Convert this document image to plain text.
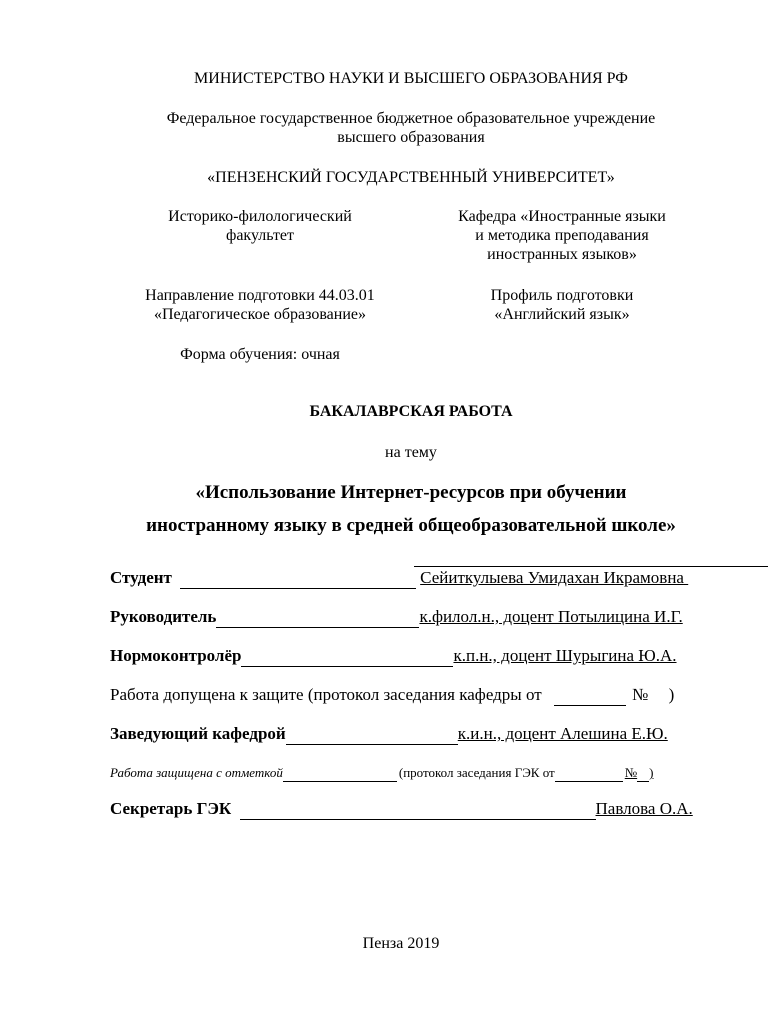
МИНИСТЕРСТВО НАУКИ И ВЫСШЕГО ОБРАЗОВАНИЯ РФ
Федеральное государственное бюджетное образовательное учреждение
высшего образования
«ПЕНЗЕНСКИЙ ГОСУДАРСТВЕННЫЙ УНИВЕРСИТЕТ»
Историко-филологический
факультет
Кафедра «Иностранные языки
и методика преподавания
иностранных языков»
Направление подготовки 44.03.01
«Педагогическое образование»
Профиль подготовки
«Английский язык»
Форма обучения: очная
БАКАЛАВРСКАЯ РАБОТА
на тему
«Использование Интернет-ресурсов при обучении
иностранному языку в средней общеобразовательной школе»
Студент	Сейиткулыева Умидахан Икрамовна
Руководитель	к.филол.н., доцент Потылицина И.Г.
Нормоконтролёр	к.п.н., доцент Шурыгина Ю.А.
Работа допущена к защите (протокол заседания кафедры от	№ )
Заведующий кафедрой	к.и.н., доцент Алешина Е.Ю.
Работа защищена с отметкой	(протокол заседания ГЭК от	№ )
Секретарь ГЭК	Павлова О.А.
Пенза 2019
